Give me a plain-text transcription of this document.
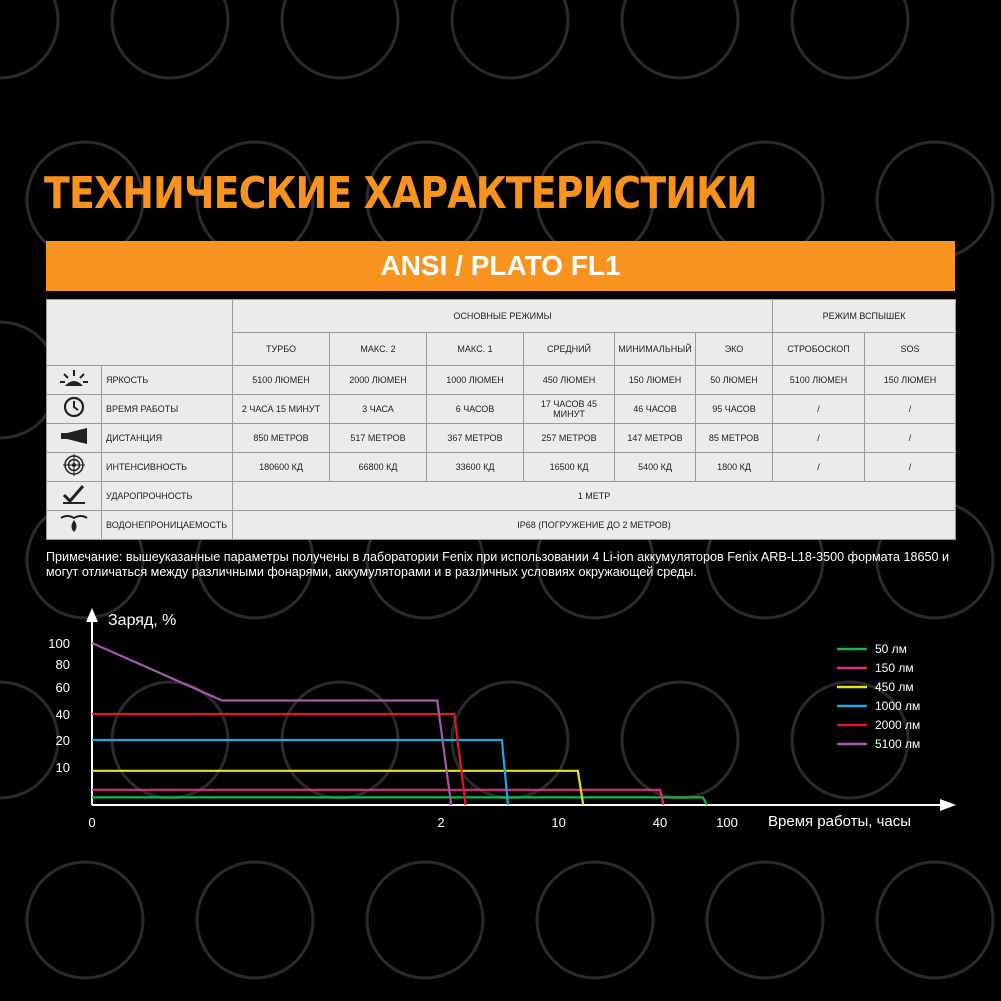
ТЕХНИЧЕСКИЕ ХАРАКТЕРИСТИКИ
ANSI / PLATO FL1
		ОСНОВНЫЕ РЕЖИМЫ						РЕЖИМ ВСПЫШЕК	
		ТУРБО	МАКС. 2	МАКС. 1	СРЕДНИЙ	МИНИМАЛЬНЫЙ	ЭКО	СТРОБОСКОП	SOS
	ЯРКОСТЬ	5100 ЛЮМЕН	2000 ЛЮМЕН	1000 ЛЮМЕН	450 ЛЮМЕН	150 ЛЮМЕН	50 ЛЮМЕН	5100 ЛЮМЕН	150 ЛЮМЕН
	ВРЕМЯ РАБОТЫ	2 ЧАСА 15 МИНУТ	3 ЧАСА	6 ЧАСОВ	17 ЧАСОВ 45 МИНУТ	46 ЧАСОВ	95 ЧАСОВ	/	/
	ДИСТАНЦИЯ	850 МЕТРОВ	517 МЕТРОВ	367 МЕТРОВ	257 МЕТРОВ	147 МЕТРОВ	85 МЕТРОВ	/	/
	ИНТЕНСИВНОСТЬ	180600 КД	66800 КД	33600 КД	16500 КД	5400 КД	1800 КД	/	/
	УДАРОПРОЧНОСТЬ	1 МЕТР							
	ВОДОНЕПРОНИЦАЕМОСТЬ	IP68 (ПОГРУЖЕНИЕ ДО 2 МЕТРОВ)							
Примечание: вышеуказанные параметры получены в лаборатории Fenix при использовании 4 Li-ion аккумуляторов Fenix ARB-L18-3500 формата 18650 и могут отличаться между различными фонарями, аккумуляторами и в различных условиях окружающей среды.
Заряд, %
Время работы, часы
100
80
60
40
20
10
0	2	10	40	100
50 лм
150 лм
450 лм
1000 лм
2000 лм
5100 лм
